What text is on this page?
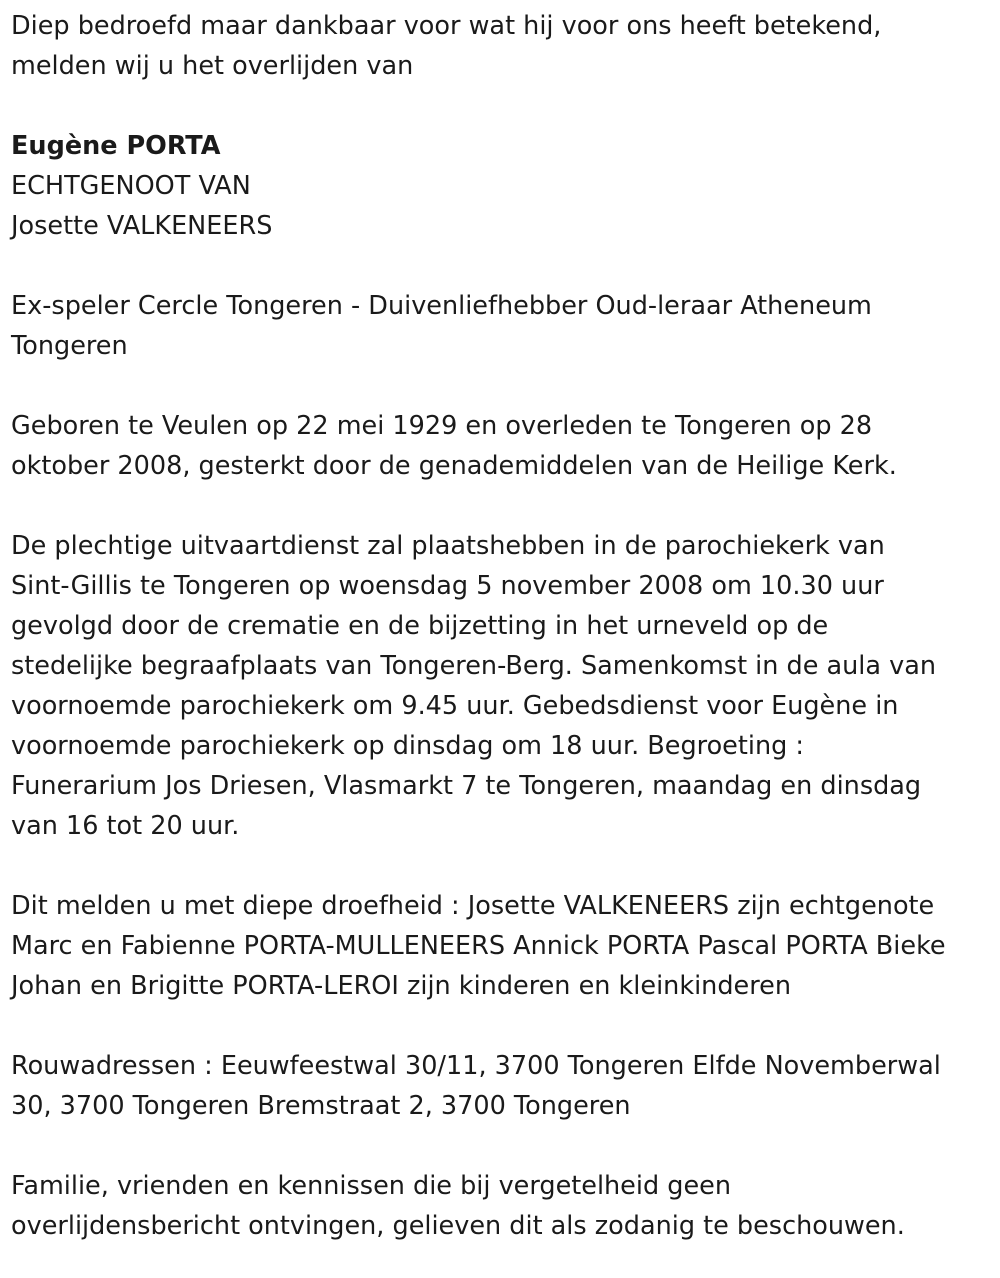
Diep bedroefd maar dankbaar voor wat hij voor ons heeft betekend,
melden wij u het overlijden van

Eugène PORTA
ECHTGENOOT VAN
Josette VALKENEERS

Ex-speler Cercle Tongeren - Duivenliefhebber Oud-leraar Atheneum
Tongeren

Geboren te Veulen op 22 mei 1929 en overleden te Tongeren op 28
oktober 2008, gesterkt door de genademiddelen van de Heilige Kerk.

De plechtige uitvaartdienst zal plaatshebben in de parochiekerk van
Sint-Gillis te Tongeren op woensdag 5 november 2008 om 10.30 uur
gevolgd door de crematie en de bijzetting in het urneveld op de
stedelijke begraafplaats van Tongeren-Berg. Samenkomst in de aula van
voornoemde parochiekerk om 9.45 uur. Gebedsdienst voor Eugène in
voornoemde parochiekerk op dinsdag om 18 uur. Begroeting :
Funerarium Jos Driesen, Vlasmarkt 7 te Tongeren, maandag en dinsdag
van 16 tot 20 uur.

Dit melden u met diepe droefheid : Josette VALKENEERS zijn echtgenote
Marc en Fabienne PORTA-MULLENEERS Annick PORTA Pascal PORTA Bieke
Johan en Brigitte PORTA-LEROI zijn kinderen en kleinkinderen

Rouwadressen : Eeuwfeestwal 30/11, 3700 Tongeren Elfde Novemberwal
30, 3700 Tongeren Bremstraat 2, 3700 Tongeren

Familie, vrienden en kennissen die bij vergetelheid geen
overlijdensbericht ontvingen, gelieven dit als zodanig te beschouwen.
